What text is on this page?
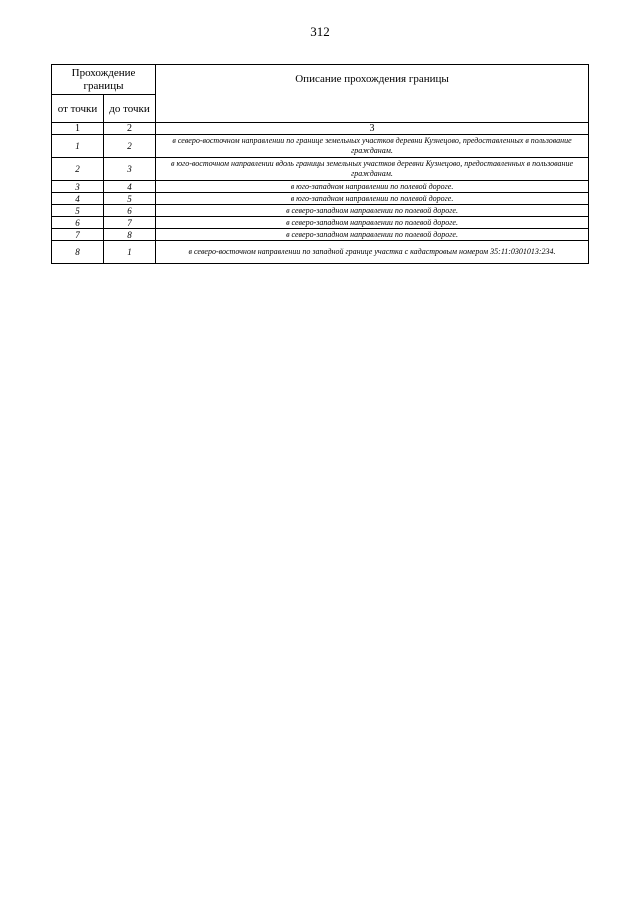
312
Прохождение границы		Описание прохождения границы
от точки	до точки	
1	2	3
1	2	в северо-восточном направлении по границе земельных участков деревни Кузнецово, предоставленных в пользование гражданам.
2	3	в юго-восточном направлении вдоль границы земельных участков деревни Кузнецово, предоставленных в пользование гражданам.
3	4	в юго-западном направлении по полевой дороге.
4	5	в юго-западном направлении по полевой дороге.
5	6	в северо-западном направлении по полевой дороге.
6	7	в северо-западном направлении по полевой дороге.
7	8	в северо-западном направлении по полевой дороге.
8	1	в северо-восточном направлении по западной границе участка с кадастровым номером 35:11:0301013:234.
